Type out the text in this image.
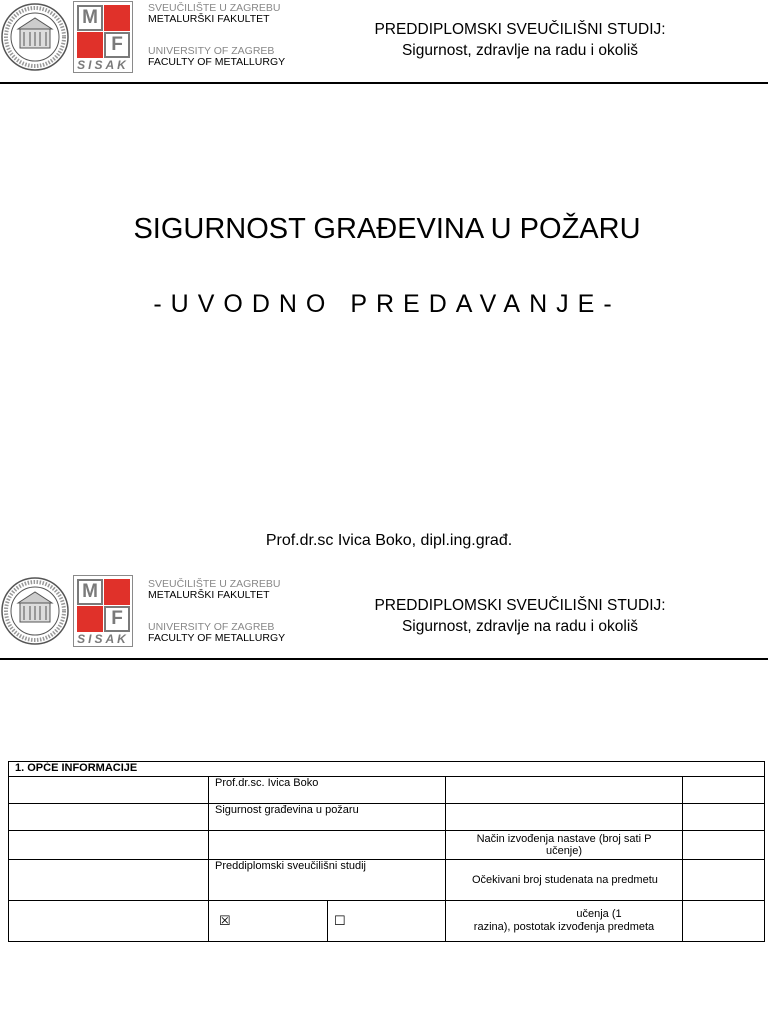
M
F
SISAK
SVEUČILIŠTE U ZAGREBU
METALURŠKI FAKULTET
UNIVERSITY OF ZAGREB
FACULTY OF METALLURGY
PREDDIPLOMSKI SVEUČILIŠNI STUDIJ:
Sigurnost, zdravlje na radu i okoliš
SIGURNOST GRAĐEVINA U POŽARU
-UVODNO PREDAVANJE-
Prof.dr.sc Ivica Boko, dipl.ing.građ.
M
F
SISAK
SVEUČILIŠTE U ZAGREBU
METALURŠKI FAKULTET
UNIVERSITY OF ZAGREB
FACULTY OF METALLURGY
PREDDIPLOMSKI SVEUČILIŠNI STUDIJ:
Sigurnost, zdravlje na radu i okoliš
1. OPĆE INFORMACIJE				
	Prof.dr.sc. Ivica Boko			
	Sigurnost građevina u požaru			
			Način izvođenja nastave (broj sati P učenje)	
	Preddiplomski sveučilišni studij		Očekivani broj studenata na predmetu	
	☒	☐	učenja (1
razina), postotak izvođenja predmeta	
